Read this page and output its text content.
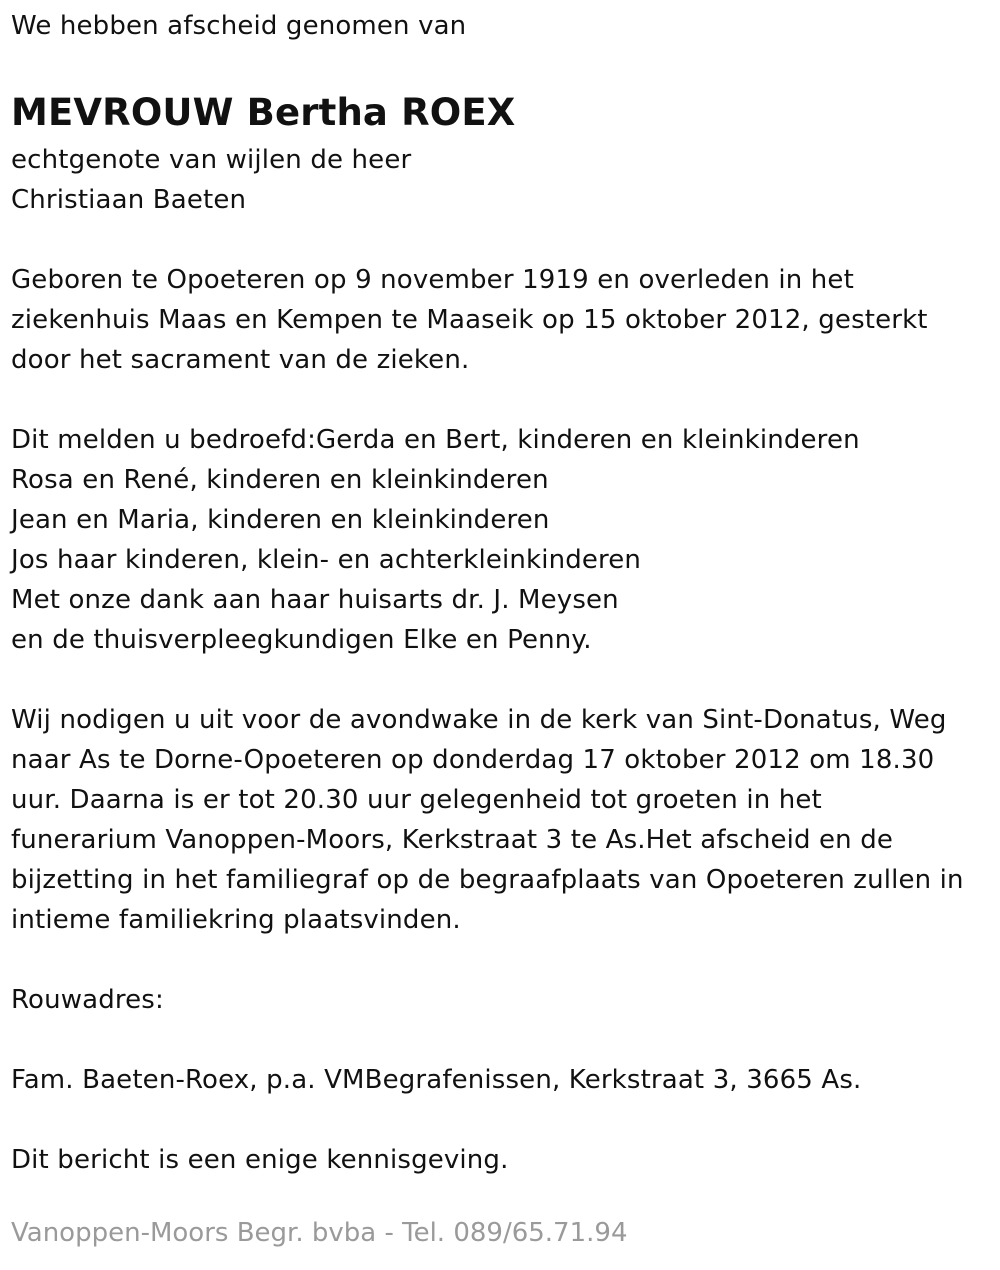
We hebben afscheid genomen van
MEVROUW Bertha ROEX
echtgenote van wijlen de heer
Christiaan Baeten
Geboren te Opoeteren op 9 november 1919 en overleden in het
ziekenhuis Maas en Kempen te Maaseik op 15 oktober 2012, gesterkt
door het sacrament van de zieken.
Dit melden u bedroefd:Gerda en Bert, kinderen en kleinkinderen
Rosa en René, kinderen en kleinkinderen
Jean en Maria, kinderen en kleinkinderen
Jos haar kinderen, klein- en achterkleinkinderen
Met onze dank aan haar huisarts dr. J. Meysen
en de thuisverpleegkundigen Elke en Penny.
Wij nodigen u uit voor de avondwake in de kerk van Sint-Donatus, Weg
naar As te Dorne-Opoeteren op donderdag 17 oktober 2012 om 18.30
uur. Daarna is er tot 20.30 uur gelegenheid tot groeten in het
funerarium Vanoppen-Moors, Kerkstraat 3 te As.Het afscheid en de
bijzetting in het familiegraf op de begraafplaats van Opoeteren zullen in
intieme familiekring plaatsvinden.
Rouwadres:
Fam. Baeten-Roex, p.a. VMBegrafenissen, Kerkstraat 3, 3665 As.
Dit bericht is een enige kennisgeving.
Vanoppen-Moors Begr. bvba - Tel. 089/65.71.94
